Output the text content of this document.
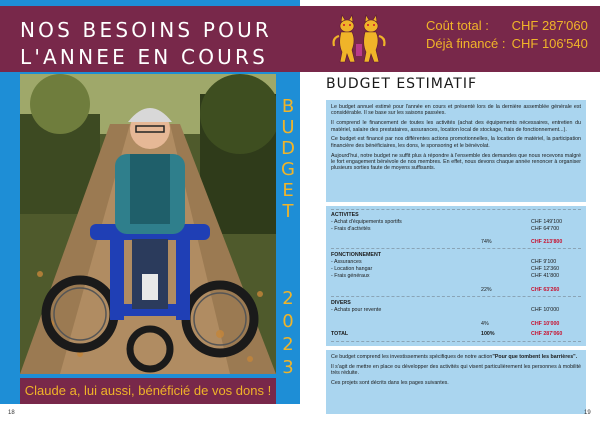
NOS BESOINS POUR
L'ANNEE EN COURS
B
U
D
G
E
T
2
0
2
3
Claude a, lui aussi, bénéficié de vos dons !
18
Coût total : CHF 287'060
Déjà financé : CHF 106'540
BUDGET ESTIMATIF

Le budget annuel estimé pour l'année en cours et présenté lors de la dernière assemblée générale est considérable. Il se base sur les saisons passées.

Il comprend le financement de toutes les activités (achat des équipements nécessaires, entretien du matériel, salaire des prestataires, assurances, location local de stockage, frais de fonctionnement...).

Ce budget est financé par nos différentes actions promotionnelles, la location de matériel, la participation financière des bénéficiaires, les dons, le sponsoring et le bénévolat.

Aujourd'hui, notre budget ne suffit plus à répondre à l'ensemble des demandes que nous recevons malgré le fort engagement bénévole de nos membres. En effet, nous devons chaque année renoncer à organiser plusieurs sorties faute de moyens suffisants.

ACTIVITES
- Achat d'équipements sportifs	CHF 149'100
- Frais d'activités	CHF 64'700
74%	CHF 213'800
FONCTIONNEMENT
- Assurances	CHF 9'100
- Location hangar	CHF 12'360
- Frais généraux	CHF 41'800
22%	CHF 63'260
DIVERS
- Achats pour revente	CHF 10'000
4%	CHF 10'000
TOTAL	100%	CHF 287'060

Ce budget comprend les investissements spécifiques de notre action"Pour que tombent les barrières".

Il s'agit de mettre en place ou développer des activités qui visent particulièrement les personnes à mobilité très réduite.

Ces projets sont décrits dans les pages suivantes.

19
